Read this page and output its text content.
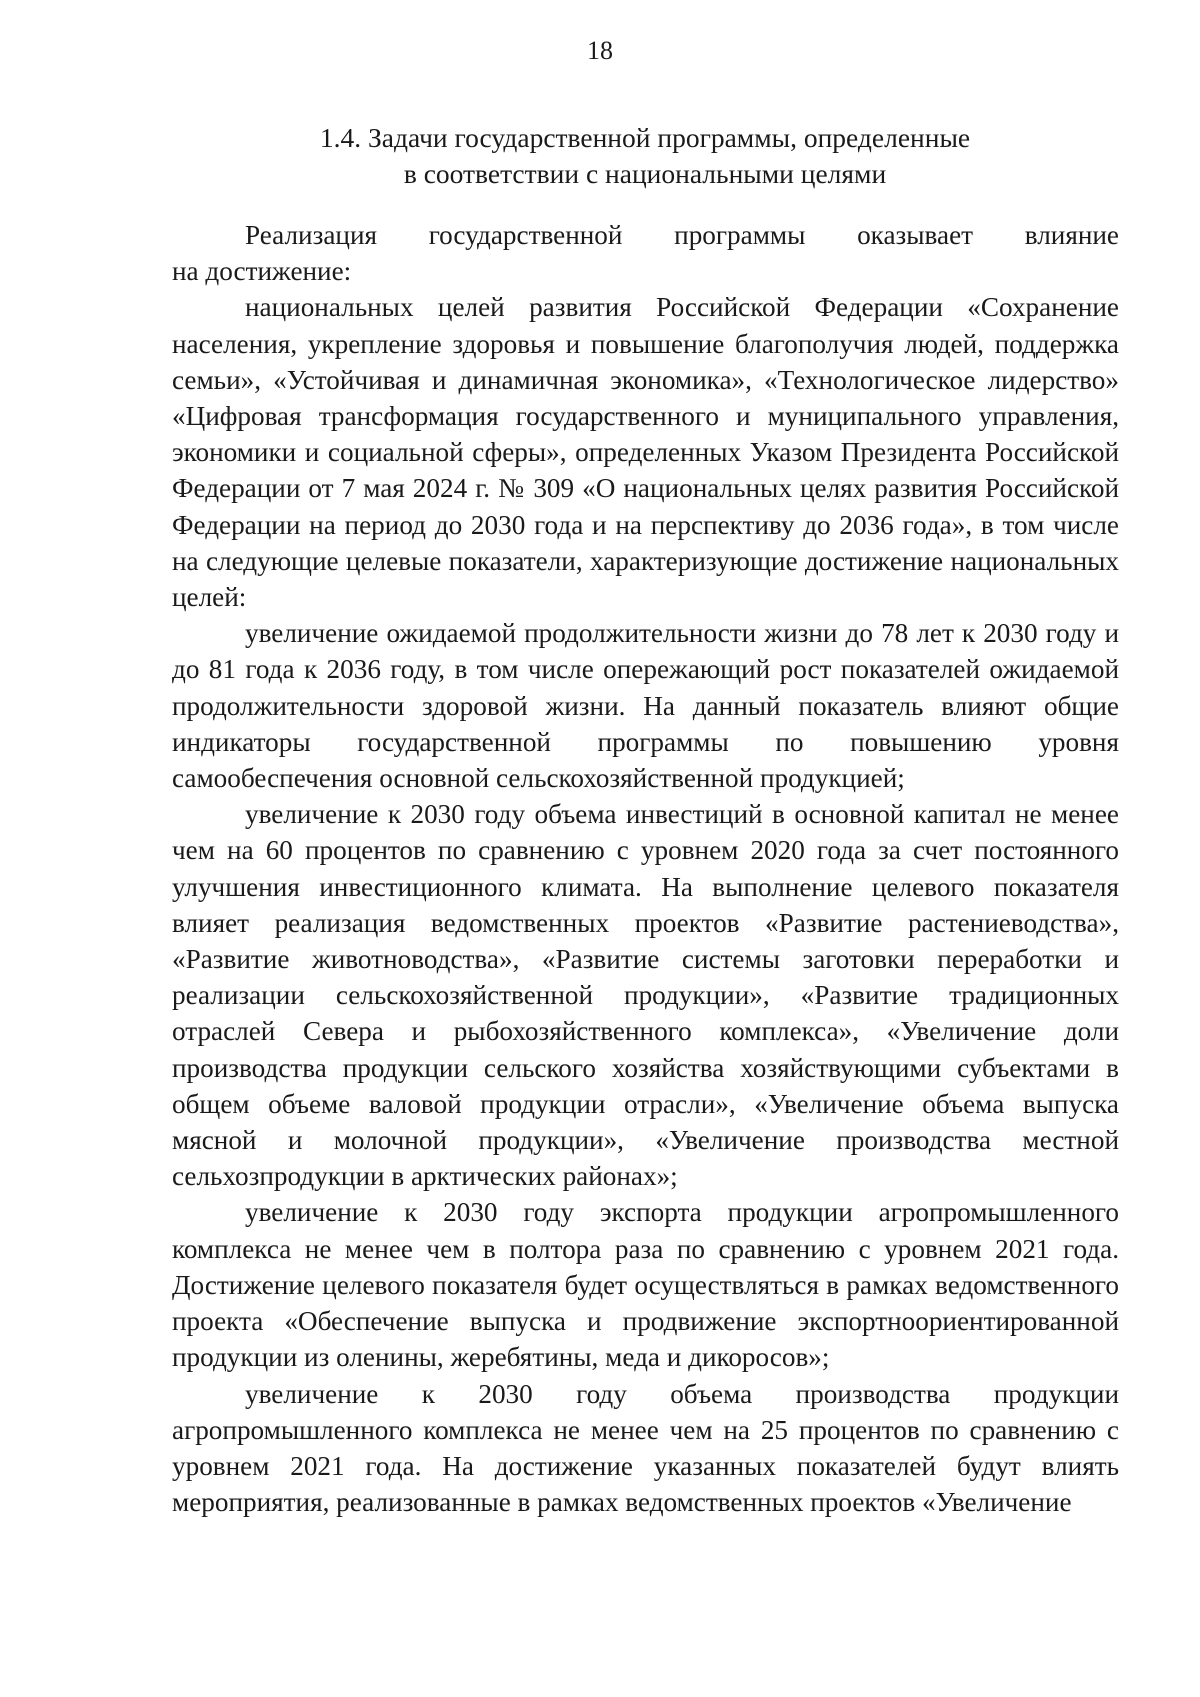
18
1.4. Задачи государственной программы, определенные
в соответствии с национальными целями

Реализация государственной программы оказывает влияние

на достижение:

национальных целей развития Российской Федерации «Сохранение населения, укрепление здоровья и повышение благополучия людей, поддержка семьи», «Устойчивая и динамичная экономика», «Технологическое лидерство» «Цифровая трансформация государственного и муниципального управления, экономики и социальной сферы», определенных Указом Президента Российской Федерации от 7 мая 2024 г. № 309 «О национальных целях развития Российской Федерации на период до 2030 года и на перспективу до 2036 года», в том числе на следующие целевые показатели, характеризующие достижение национальных целей:

увеличение ожидаемой продолжительности жизни до 78 лет к 2030 году и до 81 года к 2036 году, в том числе опережающий рост показателей ожидаемой продолжительности здоровой жизни. На данный показатель влияют общие индикаторы государственной программы по повышению уровня самообеспечения основной сельскохозяйственной продукцией;

увеличение к 2030 году объема инвестиций в основной капитал не менее чем на 60 процентов по сравнению с уровнем 2020 года за счет постоянного улучшения инвестиционного климата. На выполнение целевого показателя влияет реализация ведомственных проектов «Развитие растениеводства», «Развитие животноводства», «Развитие системы заготовки переработки и реализации сельскохозяйственной продукции», «Развитие традиционных отраслей Севера и рыбохозяйственного комплекса», «Увеличение доли производства продукции сельского хозяйства хозяйствующими субъектами в общем объеме валовой продукции отрасли», «Увеличение объема выпуска мясной и молочной продукции», «Увеличение производства местной сельхозпродукции в арктических районах»;

увеличение к 2030 году экспорта продукции агропромышленного комплекса не менее чем в полтора раза по сравнению с уровнем 2021 года. Достижение целевого показателя будет осуществляться в рамках ведомственного проекта «Обеспечение выпуска и продвижение экспортноориентированной продукции из оленины, жеребятины, меда и дикоросов»;

увеличение к 2030 году объема производства продукции агропромышленного комплекса не менее чем на 25 процентов по сравнению с уровнем 2021 года. На достижение указанных показателей будут влиять мероприятия, реализованные в рамках ведомственных проектов «Увеличение
